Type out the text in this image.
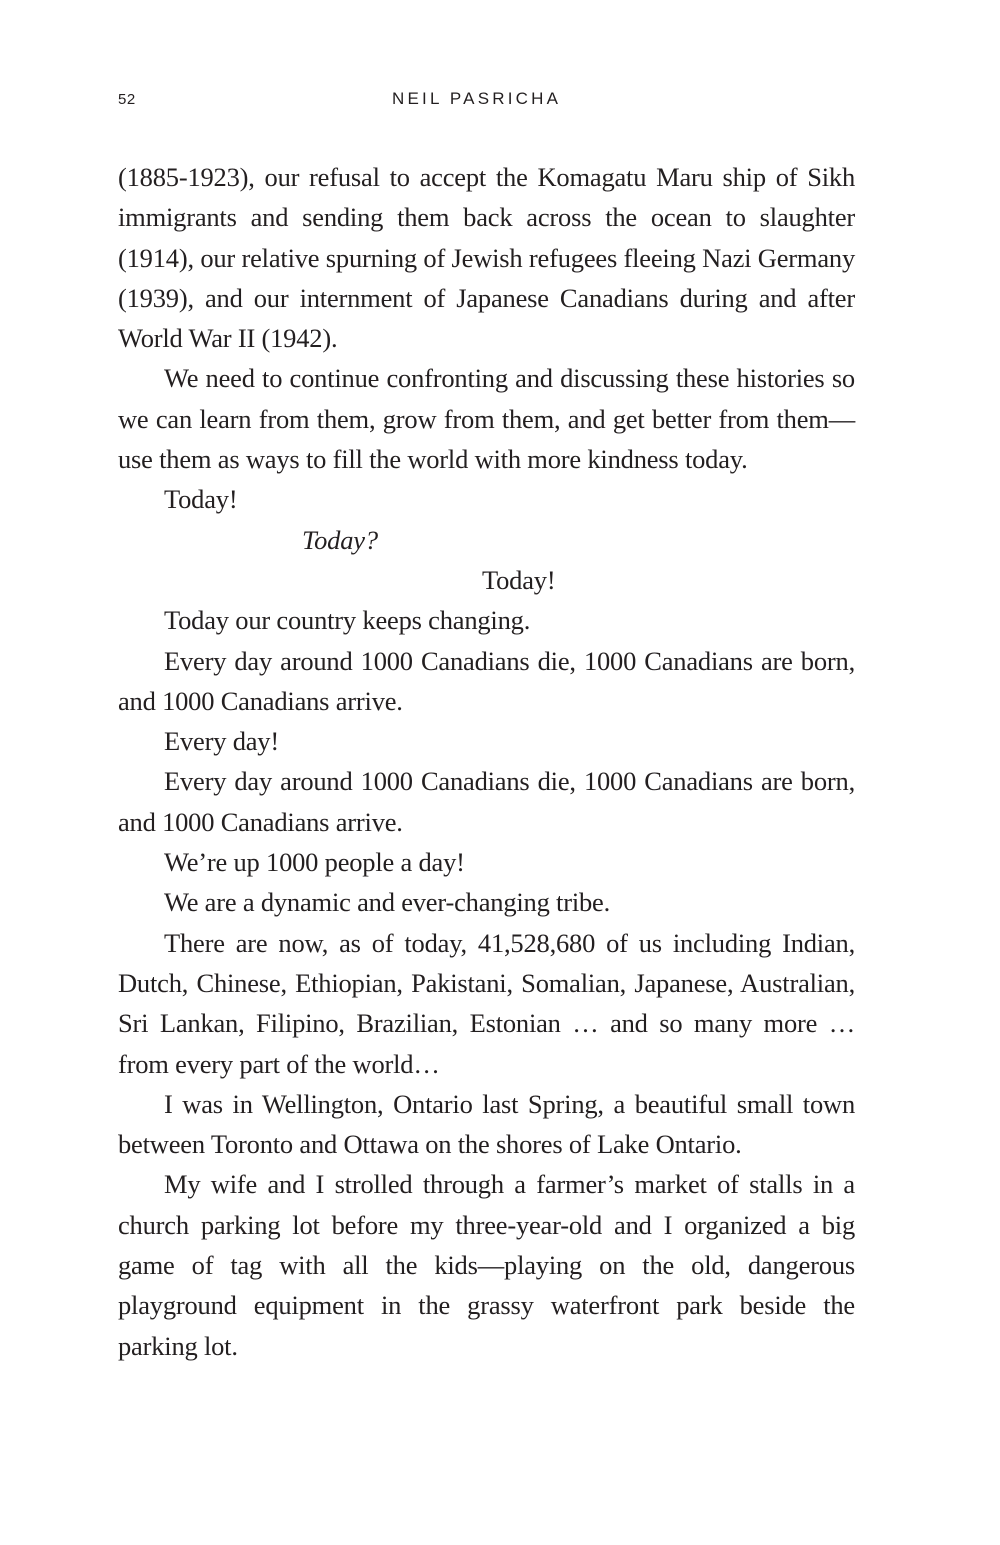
52	NEIL PASRICHA

(1885-1923), our refusal to accept the Komagatu Maru ship of Sikh immigrants and sending them back across the ocean to slaughter (1914), our relative spurning of Jewish refugees fleeing Nazi Germany (1939), and our internment of Japanese Canadians during and after World War II (1942).

We need to continue confronting and discussing these histories so we can learn from them, grow from them, and get better from them—use them as ways to fill the world with more kindness today.

Today!

Today?

Today!

Today our country keeps changing.

Every day around 1000 Canadians die, 1000 Canadians are born, and 1000 Canadians arrive.

Every day!

Every day around 1000 Canadians die, 1000 Canadians are born, and 1000 Canadians arrive.

We’re up 1000 people a day!

We are a dynamic and ever-changing tribe.

There are now, as of today, 41,528,680 of us including Indian, Dutch, Chinese, Ethiopian, Pakistani, Somalian, Japanese, Australian, Sri Lankan, Filipino, Brazilian, Estonian … and so many more … from every part of the world…

I was in Wellington, Ontario last Spring, a beautiful small town between Toronto and Ottawa on the shores of Lake Ontario.

My wife and I strolled through a farmer’s market of stalls in a church parking lot before my three-year-old and I organized a big game of tag with all the kids—playing on the old, dangerous playground equipment in the grassy waterfront park beside the parking lot.
